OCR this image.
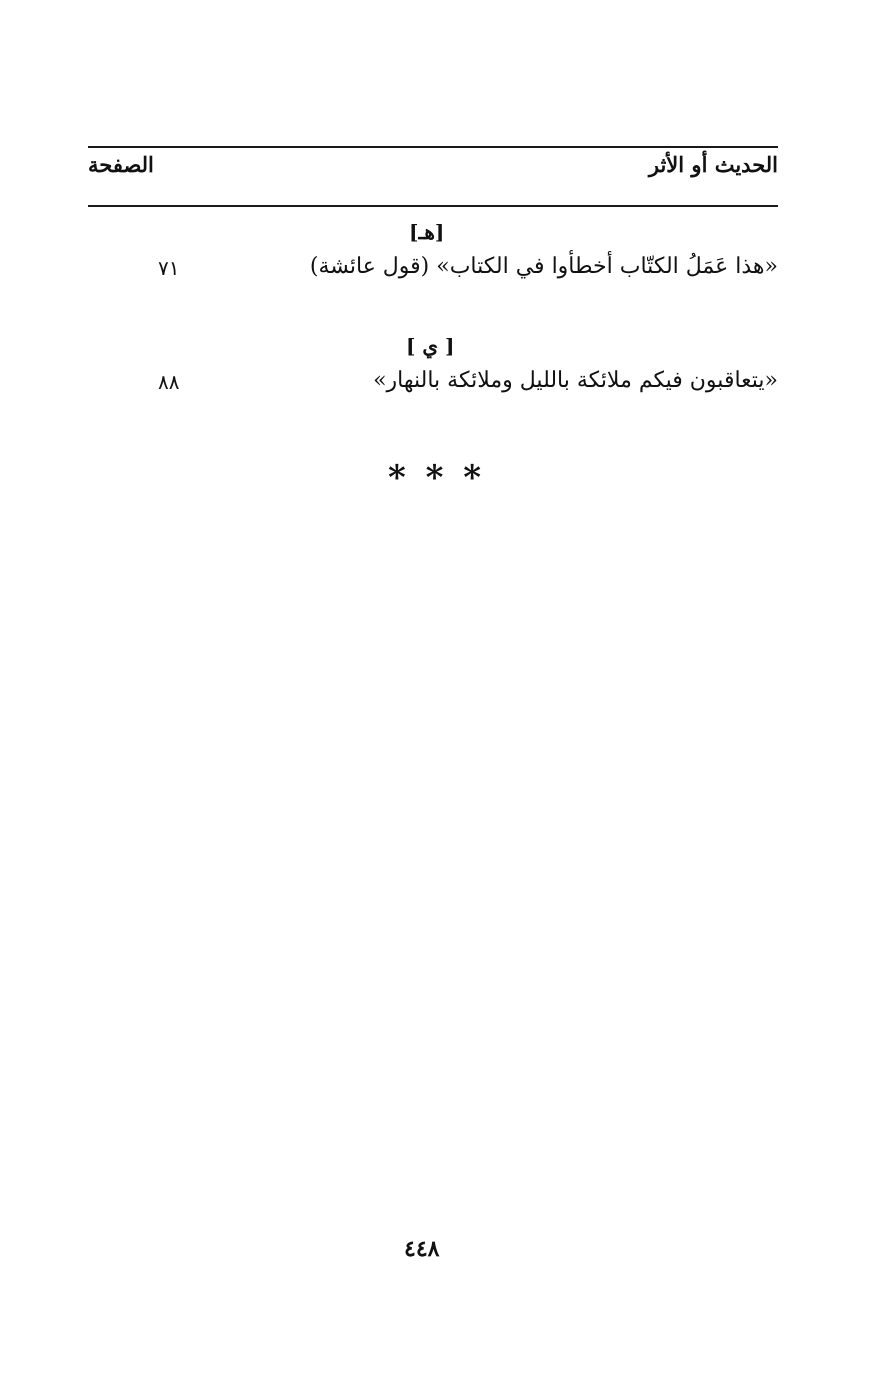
الحديث أو الأثر
الصفحة
[هـ]
«هذا عَمَلُ الكتّاب أخطأوا في الكتاب» (قول عائشة)
٧١
[ ي ]
«يتعاقبون فيكم ملائكة بالليل وملائكة بالنهار»
٨٨
* * *
٤٤٨
